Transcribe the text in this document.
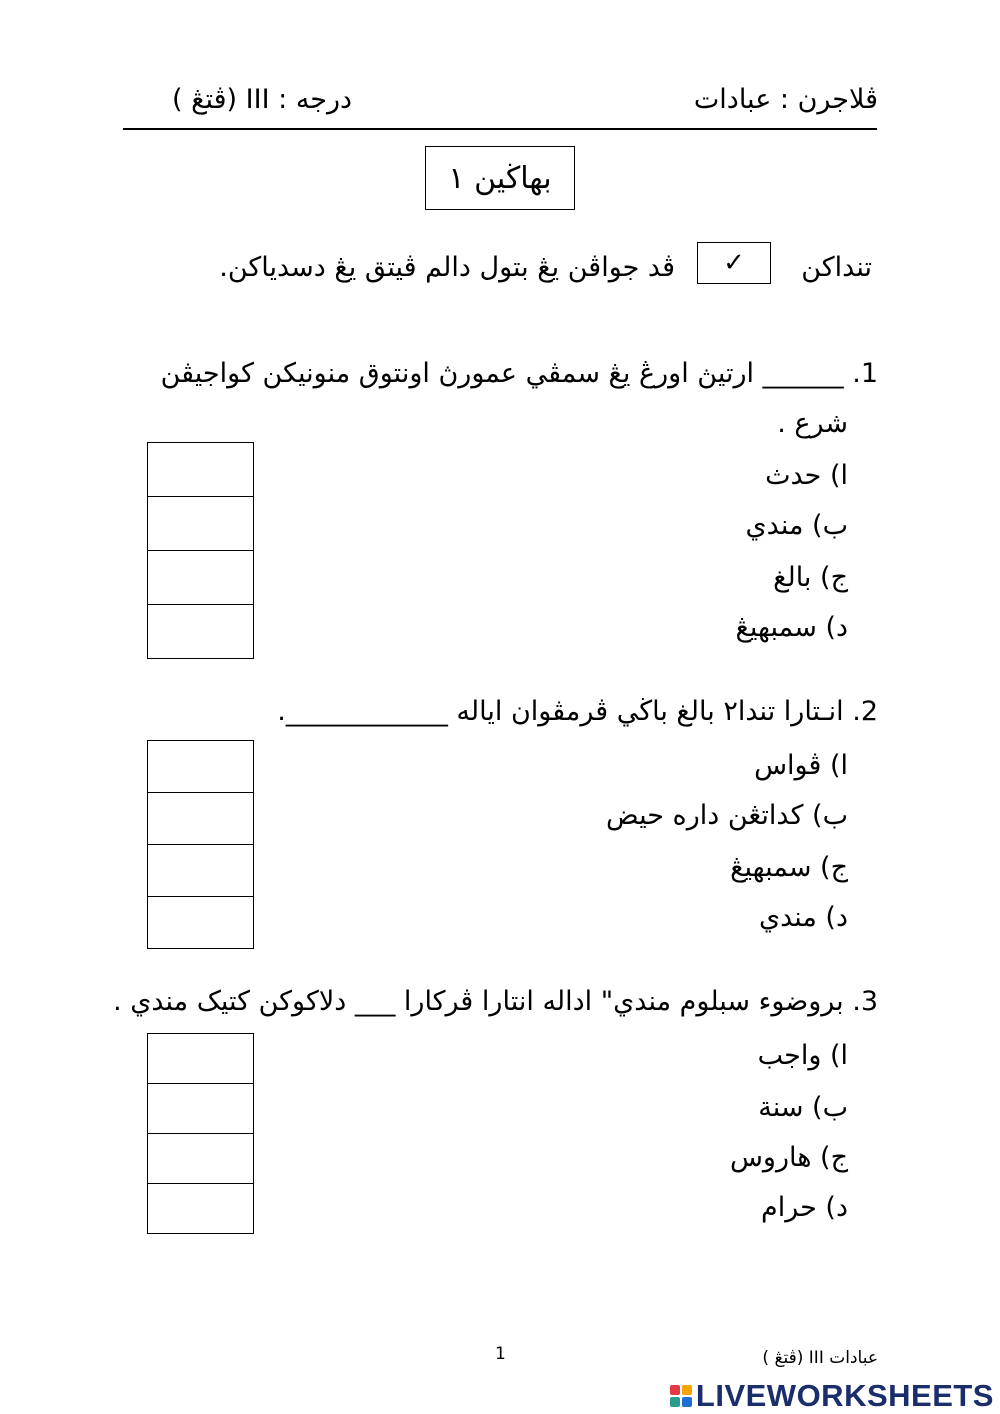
ڤلاجرن : عبادات
درجه : III (ڤتڠ )
بهاڬين ١
تنداکن
✓
ڤد جواڤن يڠ بتول دالم ڤيتق يڠ دسدياکن.
1. ______ ارتيڽ اورڠ يڠ سمڤي عمورڽ اونتوق منونيکن کواجيڤن
شرع .
ا) حدث
ب) مندي
ج) بالغ
د) سمبهيڠ
2. انـتارا تندا٢ بالغ باڬي ڤرمڤوان اياله ____________.
ا) ڤواس
ب) کداتڠن داره حيض
ج) سمبهيڠ
د) مندي
3. بروضوء سبلوم مندي" اداله انتارا ڤرکارا ___ دلاکوکن کتيک مندي .
ا) واجب
ب) سنة
ج) هاروس
د) حرام
1	عبادات III (ڤتڠ )
LIVEWORKSHEETS
